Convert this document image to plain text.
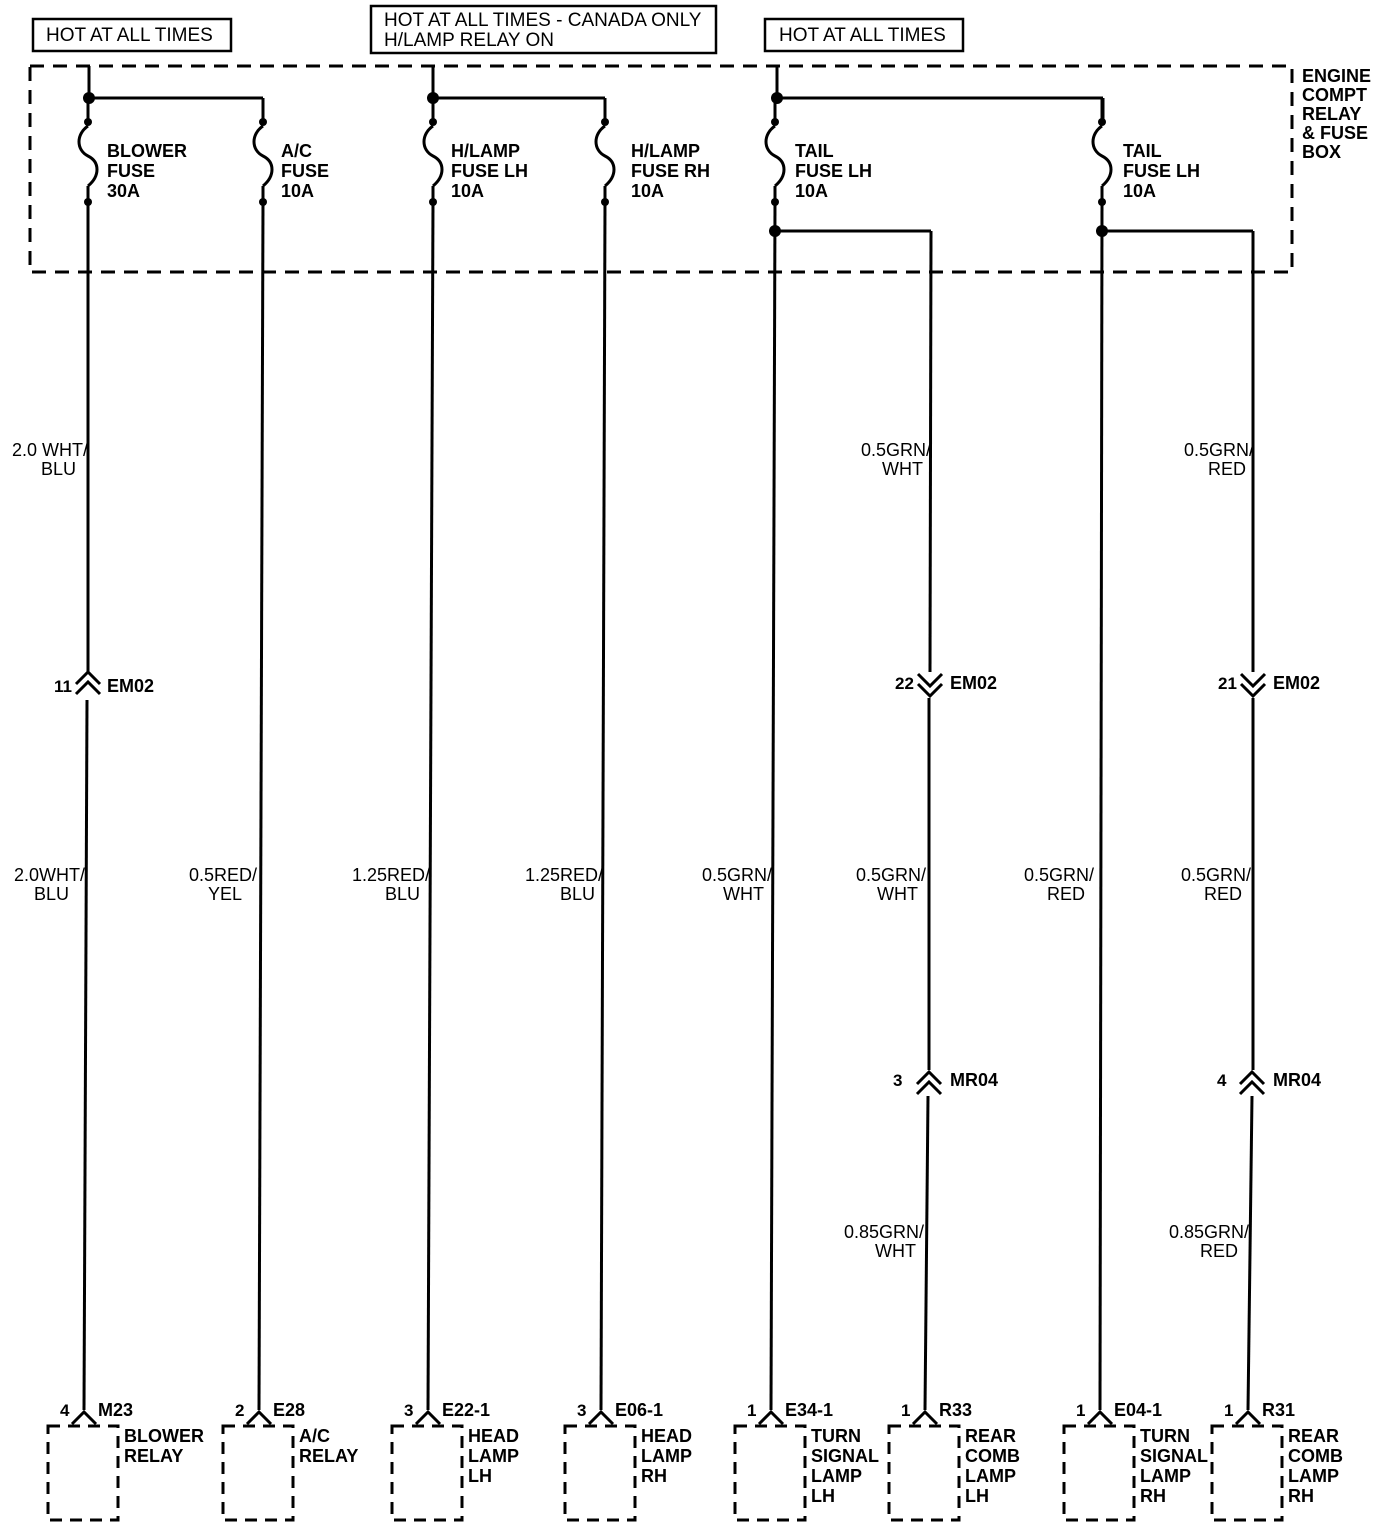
HOT AT ALL TIMES
HOT AT ALL TIMES - CANADA ONLY
H/LAMP RELAY ON	HOT AT ALL TIMES
ENGINE
COMPT
RELAY
& FUSE
BOX
BLOWER
FUSE
30A
A/C
FUSE
10A
H/LAMP
FUSE LH
10A
H/LAMP
FUSE RH
10A
TAIL
FUSE LH
10A
TAIL
FUSE LH
10A
11 EM02	22 EM02	21 EM02
3	MR04	4	MR04
2.0 WHT/
BLU
0.5GRN/
WHT
0.5GRN/
RED
2.0WHT/
BLU
0.5RED/
YEL
1.25RED/
BLU
1.25RED/
BLU
0.5GRN/
WHT
0.5GRN/
WHT
0.5GRN/
RED
0.5GRN/
RED
0.85GRN/
WHT
0.85GRN/
RED
4 M23
BLOWER
RELAY
2 E28
A/C
RELAY
3 E22-1
HEAD
LAMP
LH
3 E06-1
HEAD
LAMP
RH
1 E34-1
TURN
SIGNAL
LAMP
LH
1 R33
REAR
COMB
LAMP
LH
1 E04-1
TURN
SIGNAL
LAMP
RH
1 R31
REAR
COMB
LAMP
RH
